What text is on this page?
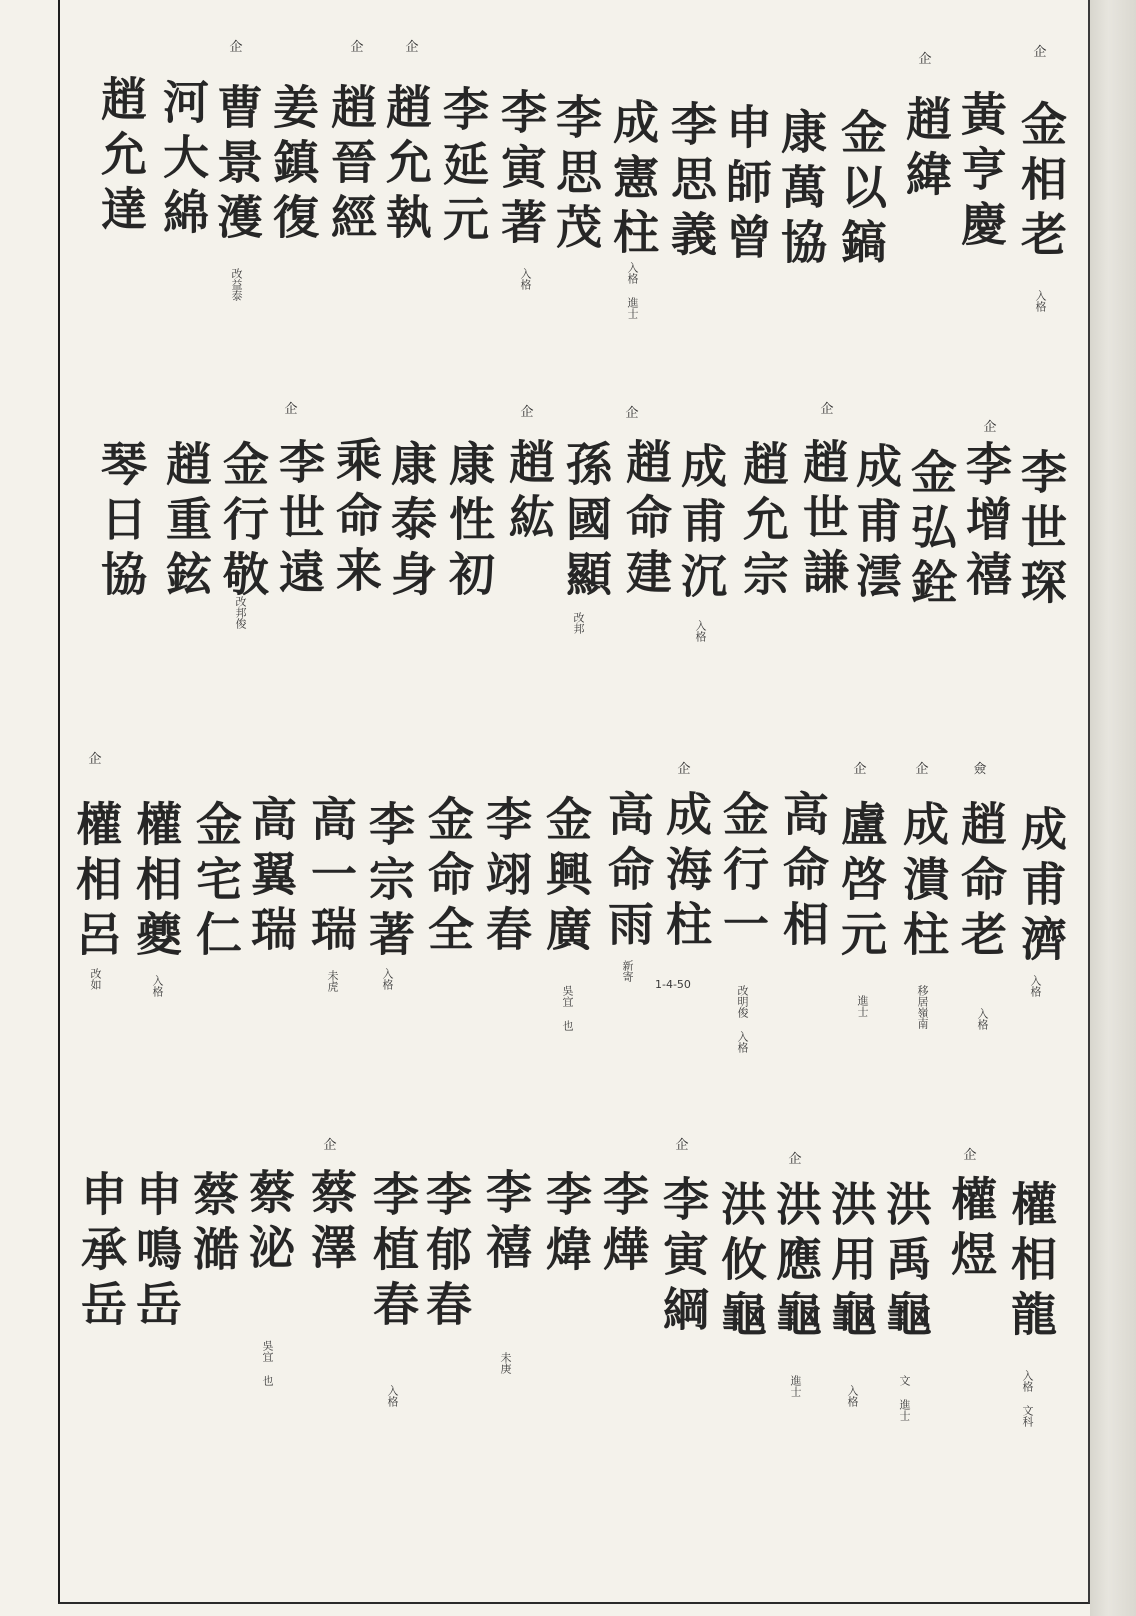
金相老
黃亨慶
趙緯
金以鎬
康萬協
申師曾
李思義
成憲柱
李思茂
李寅著
李延元
趙允執
趙晉經
姜鎮復
曹景濩
河大綿
趙允達
企
企
企
企
企
入格
入格 進士
入格
改益泰
李世琛
李增禧
金弘銓
成甫澐
趙世謙
趙允宗
成甫沉
趙命建
孫國顯
趙紘
康性初
康泰身
乘命来
李世遠
金行敬
趙重鉉
琴日協
企
企
企
企
企
入格
改邦
改邦俊
成甫濟
趙命老
成潰柱
盧啓元
高命相
金行一
成海柱
高命雨
金興廣
李翊春
金命全
李宗著
高一瑞
高翼瑞
金宅仁
權相夔
權相呂
僉
企
企
企
企
入格
入格
移居嶺南
進士
改明俊 入格
1-4-50
新寄
吳宜 也
入格
未虎
入格
改如
權相龍
權煜
洪禹龜
洪用龜
洪應龜
洪攸龜
李寅綱
李燁
李煒
李禧
李郁春
李植春
蔡澤
蔡泌
蔡澔
申鳴岳
申承岳
企
企
企
企
入格 文科
文 進士
入格
進士
未庚
入格
吳宜 也
